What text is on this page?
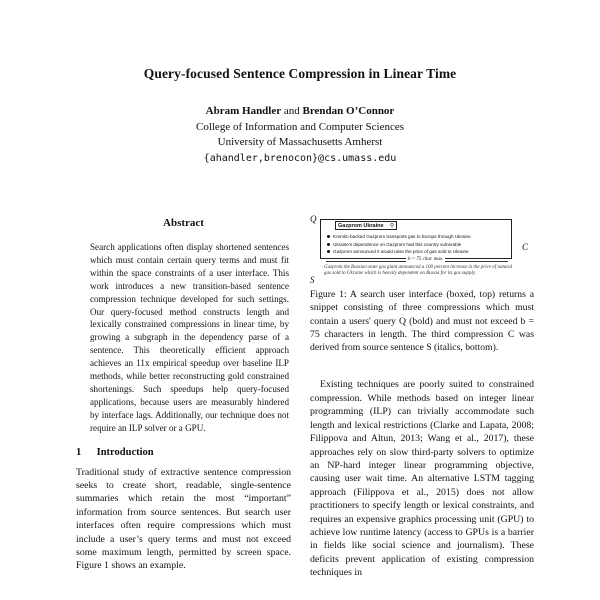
Query-focused Sentence Compression in Linear Time
Abram Handler and Brendan O’Connor
College of Information and Computer Sciences
University of Massachusetts Amherst
{ahandler,brenocon}@cs.umass.edu
Abstract
Search applications often display shortened sentences which must contain certain query terms and must fit within the space constraints of a user interface. This work introduces a new transition-based sentence compression technique developed for such settings. Our query-focused method constructs length and lexically constrained compressions in linear time, by growing a subgraph in the dependency parse of a sentence. This theoretically efficient approach achieves an 11x empirical speedup over baseline ILP methods, while better reconstructing gold constrained shortenings. Such speedups help query-focused applications, because users are measurably hindered by interface lags. Additionally, our technique does not require an ILP solver or a GPU.
1 Introduction
Traditional study of extractive sentence compression seeks to create short, readable, single-sentence summaries which retain the most “important” information from source sentences. But search user interfaces often require compressions which must include a user’s query terms and must not exceed some maximum length, permitted by screen space. Figure 1 shows an example.
Q
Gazprom Ukraine ⚲
Kremlin-backed Gazprom transports gas to Europe through Ukraine
Ukraine's dependence on Gazprom had this country vulnerable
Gazprom announced it would raise the price of gas sold to Ukraine	C
b = 75 char. max.
Gazprom the Russian state gas giant announced a 100 percent increase in the price of natural gas sold to Ukraine which is heavily dependent on Russia for its gas supply.
S
Figure 1: A search user interface (boxed, top) returns a snippet consisting of three compressions which must contain a users' query Q (bold) and must not exceed b = 75 characters in length. The third compression C was derived from source sentence S (italics, bottom).

Existing techniques are poorly suited to constrained compression. While methods based on integer linear programming (ILP) can trivially accommodate such length and lexical restrictions (Clarke and Lapata, 2008; Filippova and Altun, 2013; Wang et al., 2017), these approaches rely on slow third-party solvers to optimize an NP-hard integer linear programming objective, causing user wait time. An alternative LSTM tagging approach (Filippova et al., 2015) does not allow practitioners to specify length or lexical constraints, and requires an expensive graphics processing unit (GPU) to achieve low runtime latency (access to GPUs is a barrier in fields like social science and journalism). These deficits prevent application of existing compression techniques in
